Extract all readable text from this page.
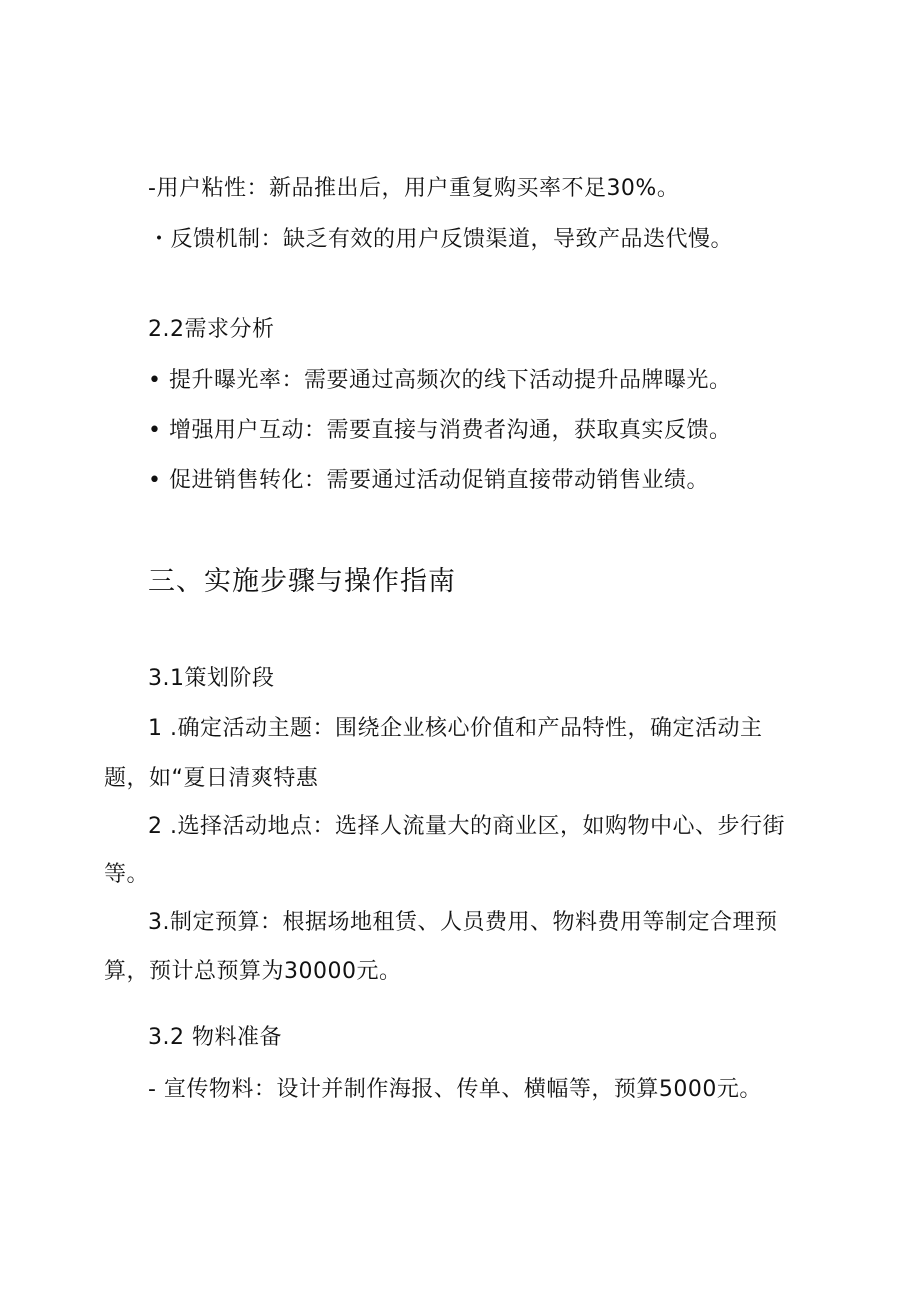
-用户粘性：新品推出后，用户重复购买率不足30%。
・反馈机制：缺乏有效的用户反馈渠道，导致产品迭代慢。
2.2需求分析
• 提升曝光率：需要通过高频次的线下活动提升品牌曝光。
• 增强用户互动：需要直接与消费者沟通，获取真实反馈。
• 促进销售转化：需要通过活动促销直接带动销售业绩。
三、实施步骤与操作指南
3.1策划阶段
1 .确定活动主题：围绕企业核心价值和产品特性，确定活动主
题，如“夏日清爽特惠
2 .选择活动地点：选择人流量大的商业区，如购物中心、步行街
等。
3.制定预算：根据场地租赁、人员费用、物料费用等制定合理预
算，预计总预算为30000元。
3.2 物料准备
- 宣传物料：设计并制作海报、传单、横幅等，预算5000元。
